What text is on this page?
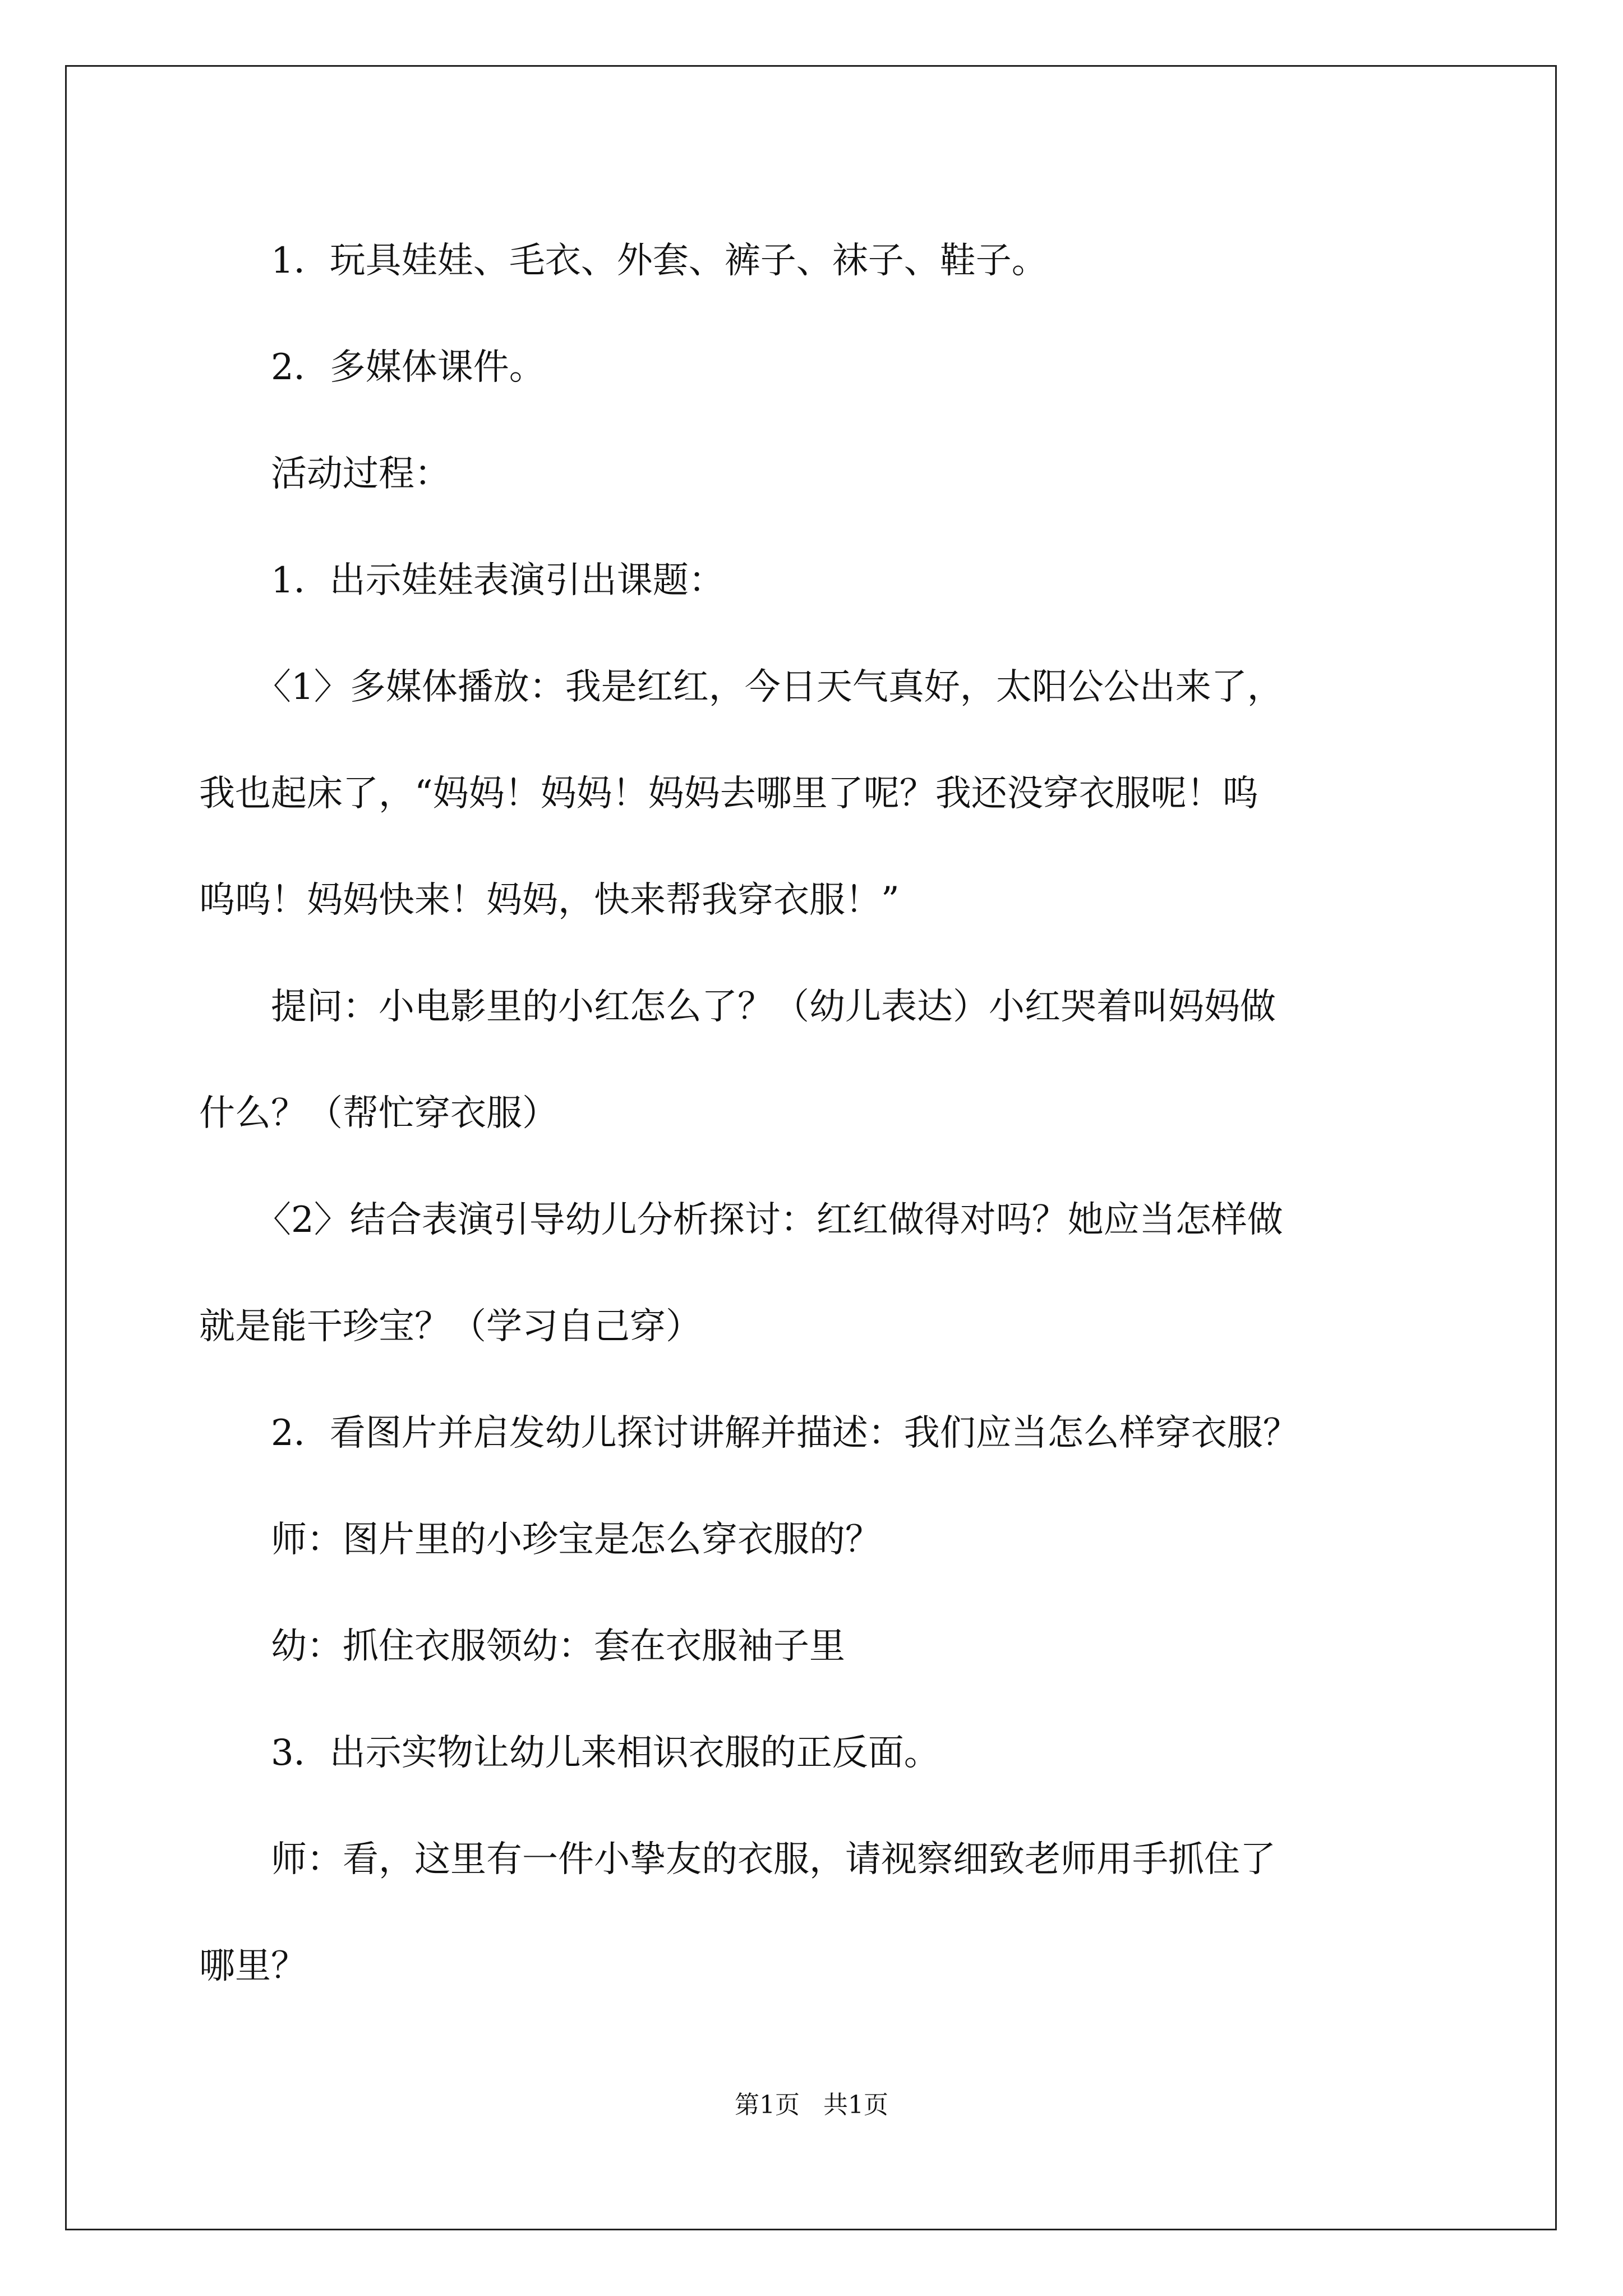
1．玩具娃娃、毛衣、外套、裤子、袜子、鞋子。

2．多媒体课件。

活动过程：

1．出示娃娃表演引出课题：

〈1〉多媒体播放：我是红红，今日天气真好，太阳公公出来了，

我也起床了，“妈妈！妈妈！妈妈去哪里了呢？我还没穿衣服呢！呜

呜呜！妈妈快来！妈妈，快来帮我穿衣服！”

提问：小电影里的小红怎么了？（幼儿表达）小红哭着叫妈妈做

什么？（帮忙穿衣服）

〈2〉结合表演引导幼儿分析探讨：红红做得对吗？她应当怎样做

就是能干珍宝？（学习自己穿）

2．看图片并启发幼儿探讨讲解并描述：我们应当怎么样穿衣服？

师：图片里的小珍宝是怎么穿衣服的？

幼：抓住衣服领幼：套在衣服袖子里

3．出示实物让幼儿来相识衣服的正反面。

师：看，这里有一件小挚友的衣服，请视察细致老师用手抓住了

哪里？

第1页   共1页
